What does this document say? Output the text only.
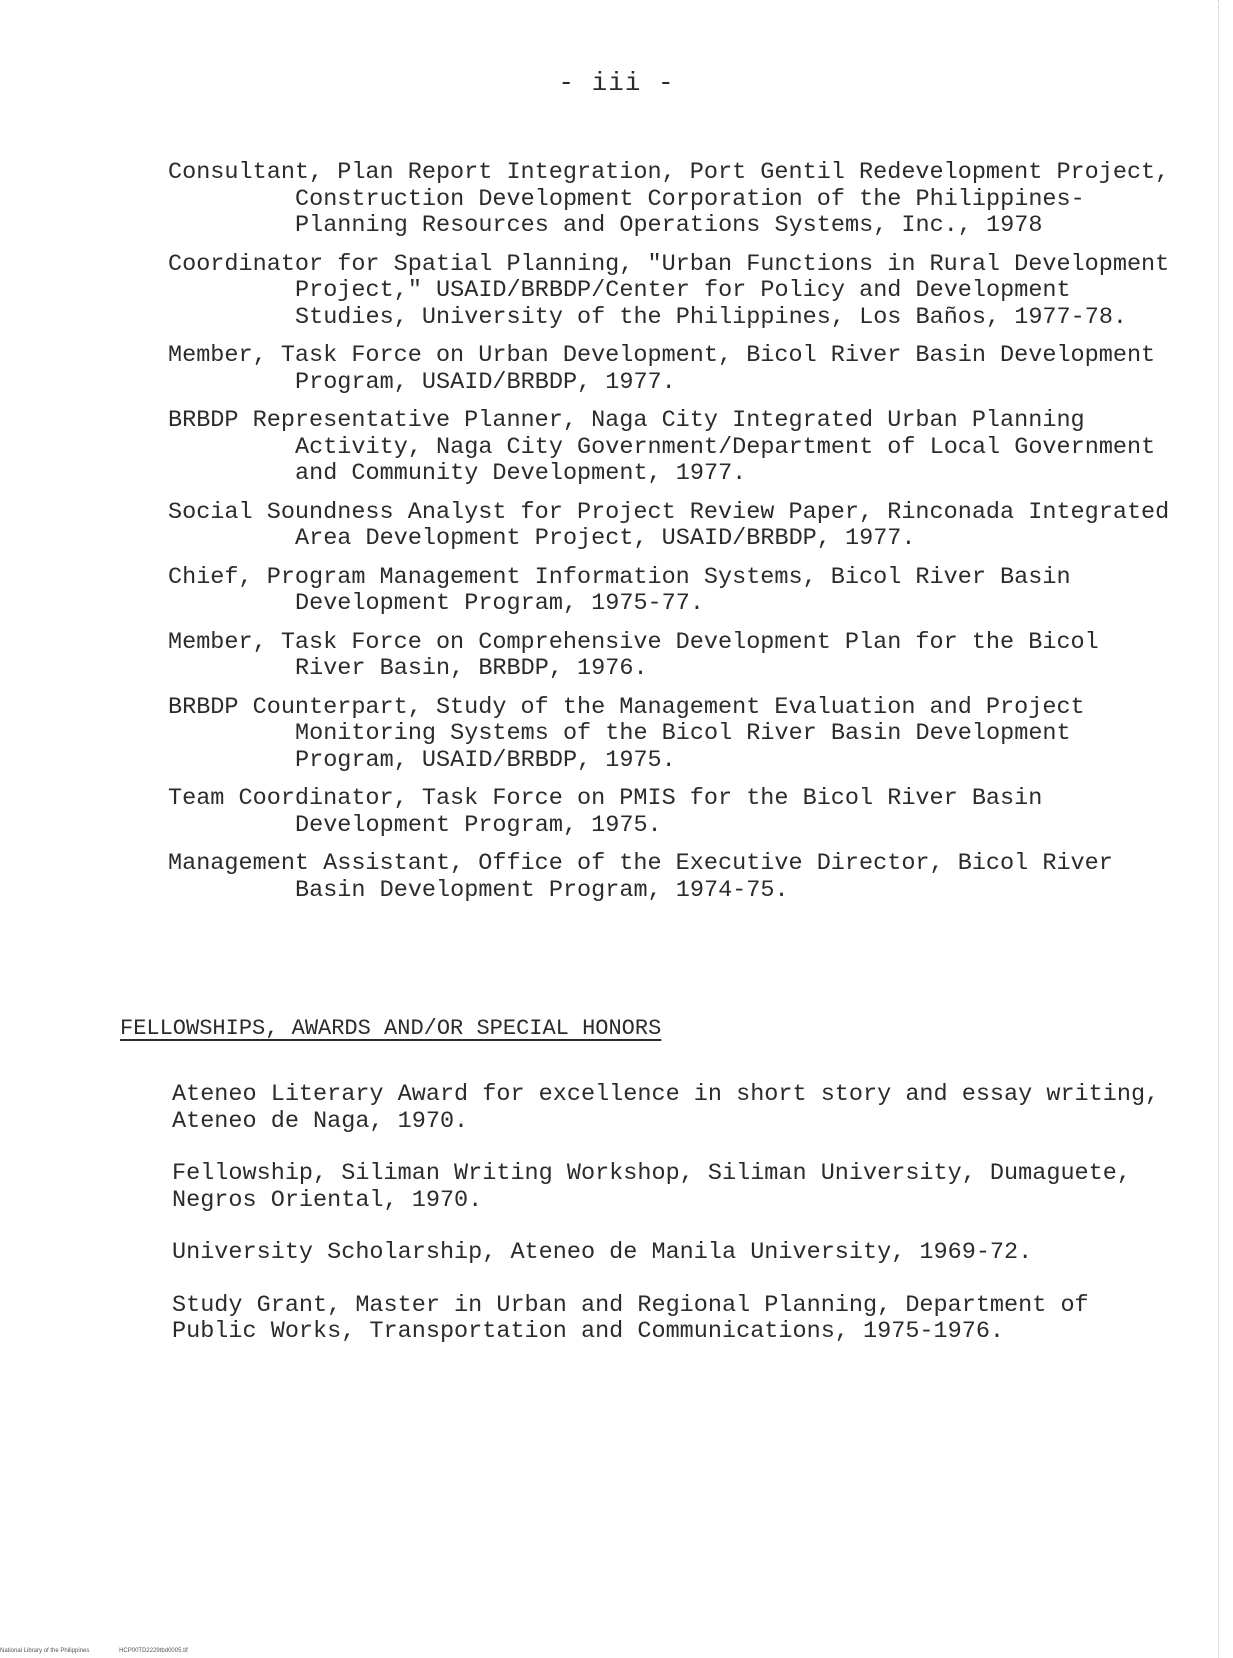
- iii -

Consultant, Plan Report Integration, Port Gentil Redevelopment Project, Construction Development Corporation of the Philippines-Planning Resources and Operations Systems, Inc., 1978

Coordinator for Spatial Planning, "Urban Functions in Rural Development Project," USAID/BRBDP/Center for Policy and Development Studies, University of the Philippines, Los Baños, 1977-78.

Member, Task Force on Urban Development, Bicol River Basin Development Program, USAID/BRBDP, 1977.

BRBDP Representative Planner, Naga City Integrated Urban Planning Activity, Naga City Government/Department of Local Government and Community Development, 1977.

Social Soundness Analyst for Project Review Paper, Rinconada Integrated Area Development Project, USAID/BRBDP, 1977.

Chief, Program Management Information Systems, Bicol River Basin Development Program, 1975-77.

Member, Task Force on Comprehensive Development Plan for the Bicol River Basin, BRBDP, 1976.

BRBDP Counterpart, Study of the Management Evaluation and Project Monitoring Systems of the Bicol River Basin Development Program, USAID/BRBDP, 1975.

Team Coordinator, Task Force on PMIS for the Bicol River Basin Development Program, 1975.

Management Assistant, Office of the Executive Director, Bicol River Basin Development Program, 1974-75.

FELLOWSHIPS, AWARDS AND/OR SPECIAL HONORS

Ateneo Literary Award for excellence in short story and essay writing, Ateneo de Naga, 1970.

Fellowship, Siliman Writing Workshop, Siliman University, Dumaguete, Negros Oriental, 1970.

University Scholarship, Ateneo de Manila University, 1969-72.

Study Grant, Master in Urban and Regional Planning, Department of Public Works, Transportation and Communications, 1975-1976.

National Library of the Philippines	HCP00TD2229tbd0005.tif
